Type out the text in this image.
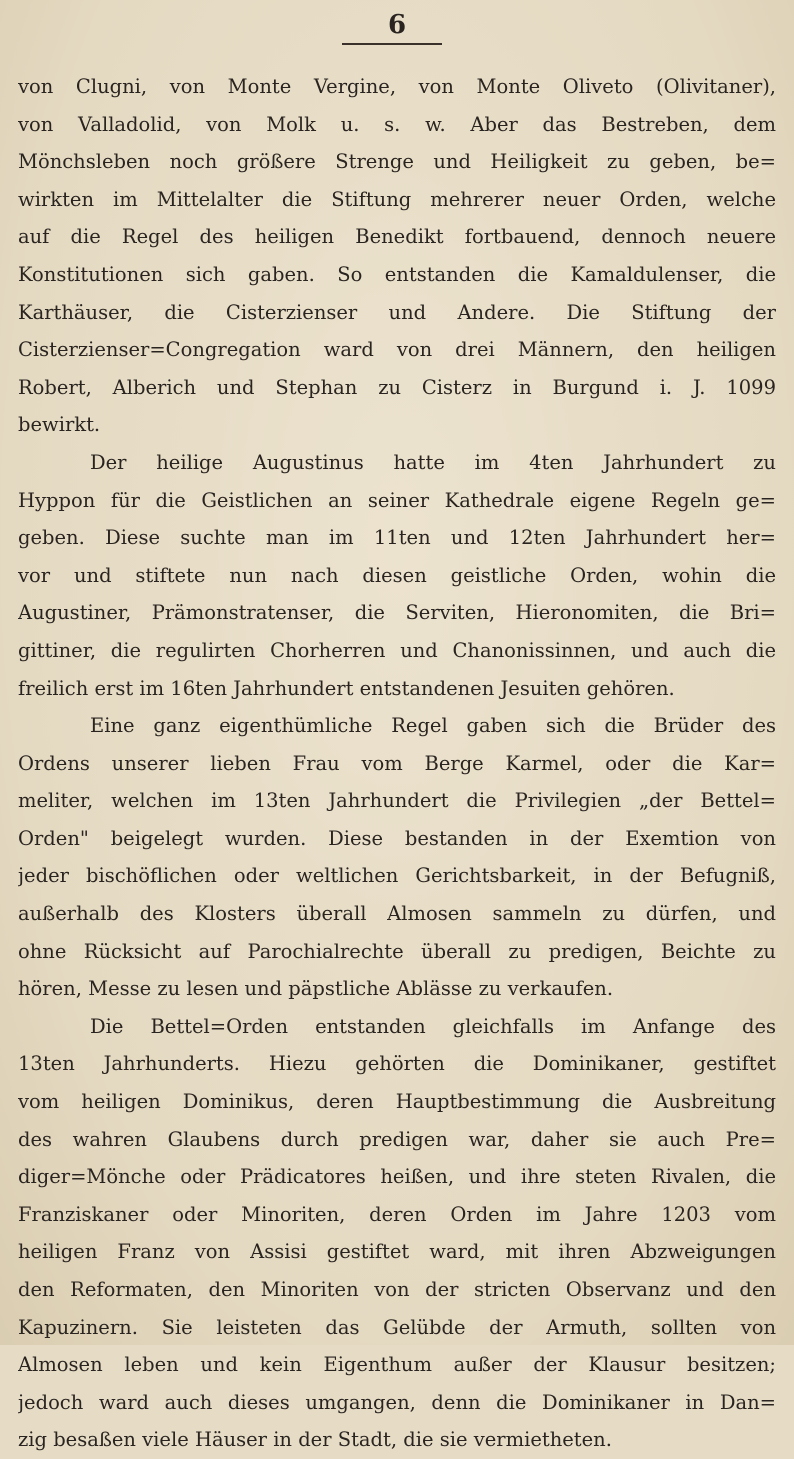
6
von Clugni, von Monte Vergine, von Monte Oliveto (Olivitaner),
von Valladolid, von Molk u. s. w. Aber das Bestreben, dem
Mönchsleben noch größere Strenge und Heiligkeit zu geben, be=
wirkten im Mittelalter die Stiftung mehrerer neuer Orden, welche
auf die Regel des heiligen Benedikt fortbauend, dennoch neuere
Konstitutionen sich gaben. So entstanden die Kamaldulenser, die
Karthäuser, die Cisterzienser und Andere. Die Stiftung der
Cisterzienser=Congregation ward von drei Männern, den heiligen
Robert, Alberich und Stephan zu Cisterz in Burgund i. J. 1099
bewirkt.
Der heilige Augustinus hatte im 4ten Jahrhundert zu
Hyppon für die Geistlichen an seiner Kathedrale eigene Regeln ge=
geben. Diese suchte man im 11ten und 12ten Jahrhundert her=
vor und stiftete nun nach diesen geistliche Orden, wohin die
Augustiner, Prämonstratenser, die Serviten, Hieronomiten, die Bri=
gittiner, die regulirten Chorherren und Chanonissinnen, und auch die
freilich erst im 16ten Jahrhundert entstandenen Jesuiten gehören.
Eine ganz eigenthümliche Regel gaben sich die Brüder des
Ordens unserer lieben Frau vom Berge Karmel, oder die Kar=
meliter, welchen im 13ten Jahrhundert die Privilegien „der Bettel=
Orden" beigelegt wurden. Diese bestanden in der Exemtion von
jeder bischöflichen oder weltlichen Gerichtsbarkeit, in der Befugniß,
außerhalb des Klosters überall Almosen sammeln zu dürfen, und
ohne Rücksicht auf Parochialrechte überall zu predigen, Beichte zu
hören, Messe zu lesen und päpstliche Ablässe zu verkaufen.
Die Bettel=Orden entstanden gleichfalls im Anfange des
13ten Jahrhunderts. Hiezu gehörten die Dominikaner, gestiftet
vom heiligen Dominikus, deren Hauptbestimmung die Ausbreitung
des wahren Glaubens durch predigen war, daher sie auch Pre=
diger=Mönche oder Prädicatores heißen, und ihre steten Rivalen, die
Franziskaner oder Minoriten, deren Orden im Jahre 1203 vom
heiligen Franz von Assisi gestiftet ward, mit ihren Abzweigungen
den Reformaten, den Minoriten von der stricten Observanz und den
Kapuzinern. Sie leisteten das Gelübde der Armuth, sollten von
Almosen leben und kein Eigenthum außer der Klausur besitzen;
jedoch ward auch dieses umgangen, denn die Dominikaner in Dan=
zig besaßen viele Häuser in der Stadt, die sie vermietheten.
